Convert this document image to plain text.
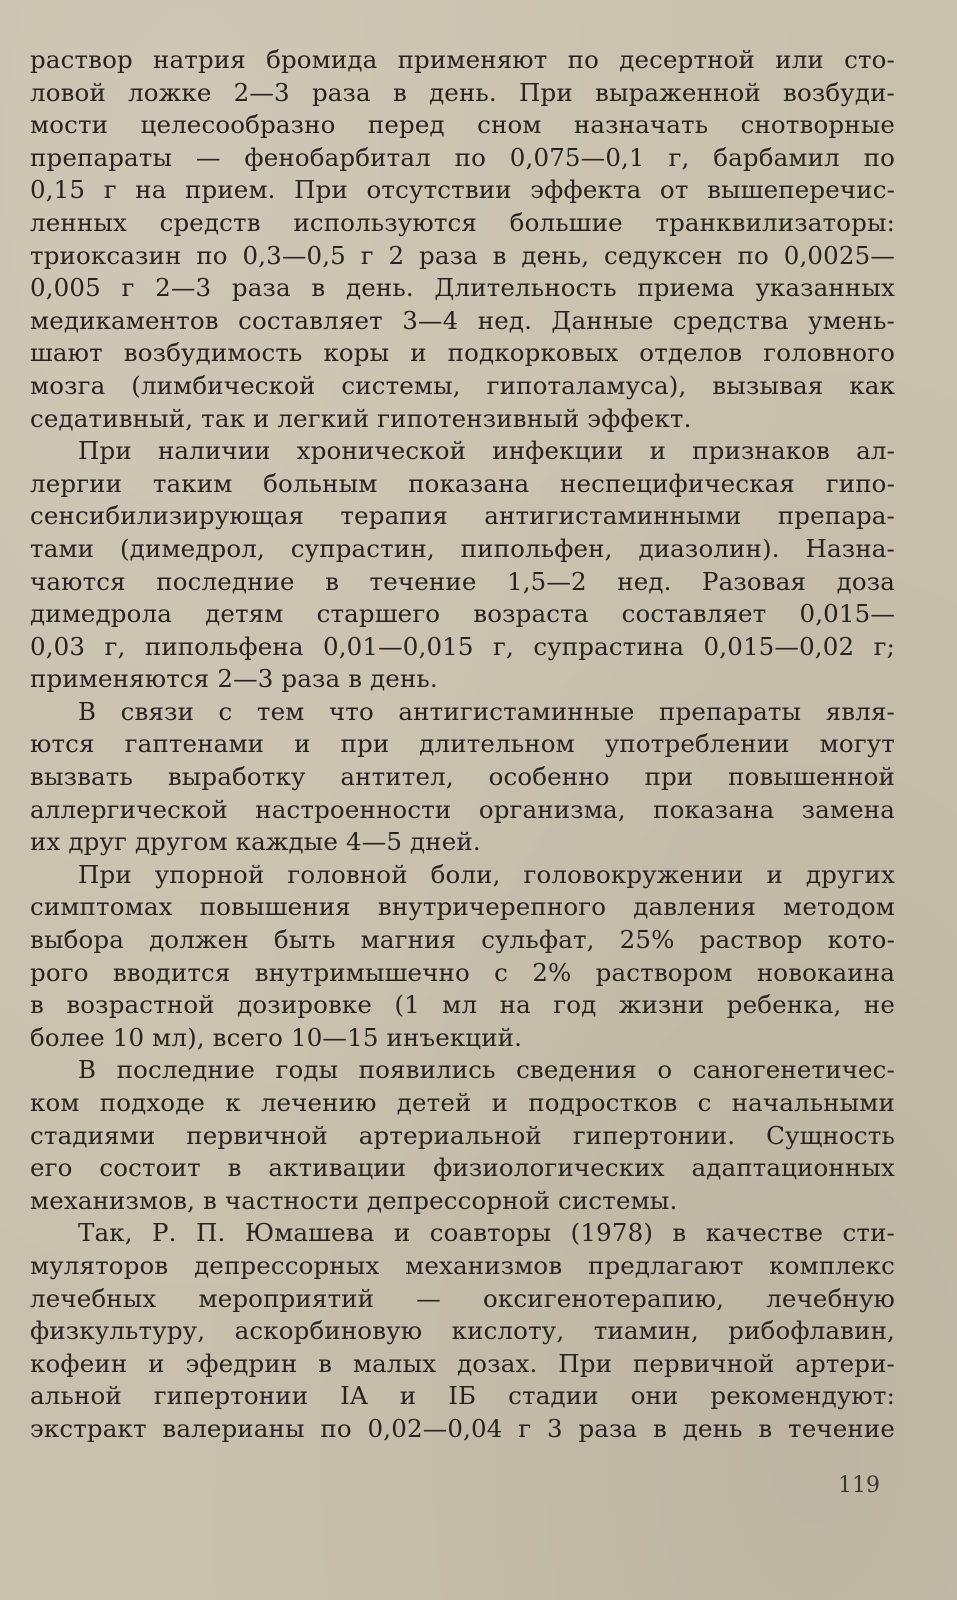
раствор натрия бромида применяют по десертной или сто-
ловой ложке 2—3 раза в день. При выраженной возбуди-
мости целесообразно перед сном назначать снотворные
препараты — фенобарбитал по 0,075—0,1 г, барбамил по
0,15 г на прием. При отсутствии эффекта от вышеперечис-
ленных средств используются большие транквилизаторы:
триоксазин по 0,3—0,5 г 2 раза в день, седуксен по 0,0025—
0,005 г 2—3 раза в день. Длительность приема указанных
медикаментов составляет 3—4 нед. Данные средства умень-
шают возбудимость коры и подкорковых отделов головного
мозга (лимбической системы, гипоталамуса), вызывая как
седативный, так и легкий гипотензивный эффект.

При наличии хронической инфекции и признаков ал-
лергии таким больным показана неспецифическая гипо-
сенсибилизирующая терапия антигистаминными препара-
тами (димедрол, супрастин, пипольфен, диазолин). Назна-
чаются последние в течение 1,5—2 нед. Разовая доза
димедрола детям старшего возраста составляет 0,015—
0,03 г, пипольфена 0,01—0,015 г, супрастина 0,015—0,02 г;
применяются 2—3 раза в день.

В связи с тем что антигистаминные препараты явля-
ются гаптенами и при длительном употреблении могут
вызвать выработку антител, особенно при повышенной
аллергической настроенности организма, показана замена
их друг другом каждые 4—5 дней.

При упорной головной боли, головокружении и других
симптомах повышения внутричерепного давления методом
выбора должен быть магния сульфат, 25% раствор кото-
рого вводится внутримышечно с 2% раствором новокаина
в возрастной дозировке (1 мл на год жизни ребенка, не
более 10 мл), всего 10—15 инъекций.

В последние годы появились сведения о саногенетичес-
ком подходе к лечению детей и подростков с начальными
стадиями первичной артериальной гипертонии. Сущность
его состоит в активации физиологических адаптационных
механизмов, в частности депрессорной системы.

Так, Р. П. Юмашева и соавторы (1978) в качестве сти-
муляторов депрессорных механизмов предлагают комплекс
лечебных мероприятий — оксигенотерапию, лечебную
физкультуру, аскорбиновую кислоту, тиамин, рибофлавин,
кофеин и эфедрин в малых дозах. При первичной артери-
альной гипертонии IA и IБ стадии они рекомендуют:
экстракт валерианы по 0,02—0,04 г 3 раза в день в течение

119
